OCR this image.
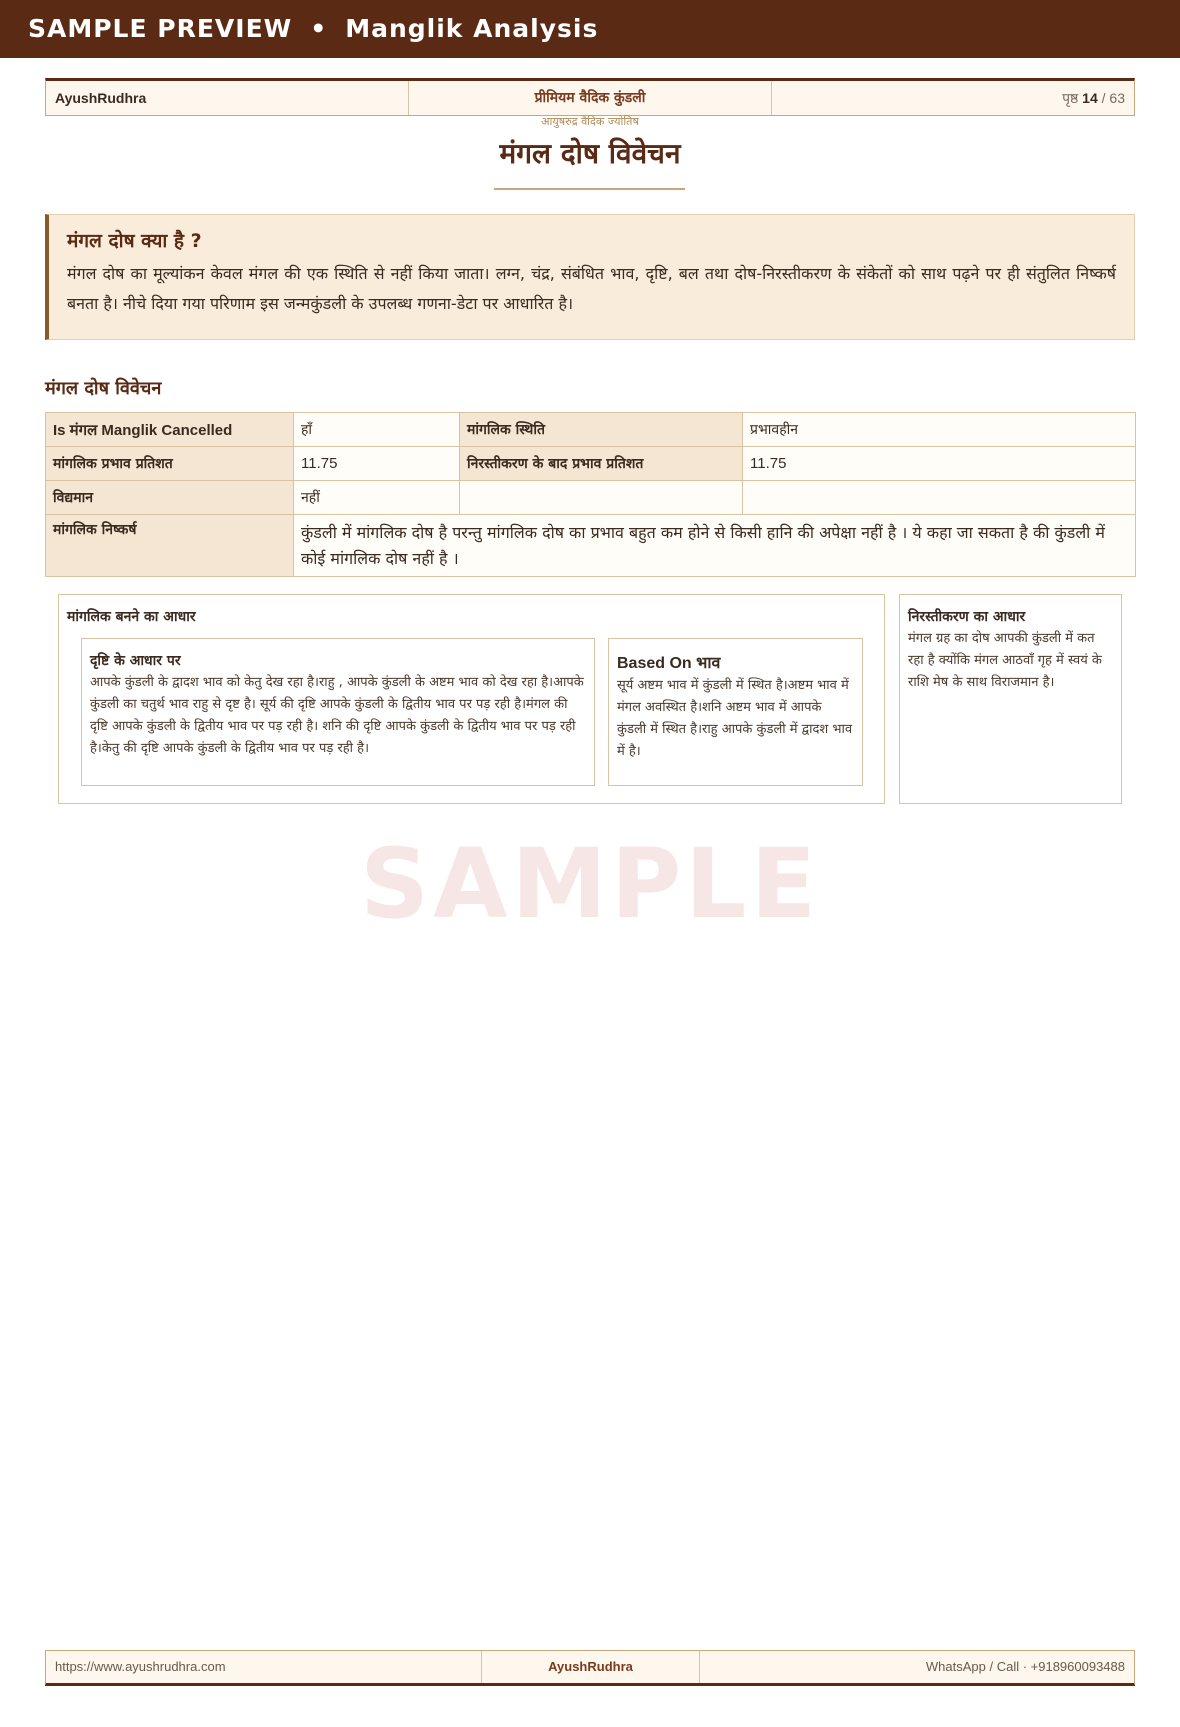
SAMPLE PREVIEW • Manglik Analysis
AyushRudhra	प्रीमियम वैदिक कुंडली	पृष्ठ 14 / 63
आयुषरुद्र वैदिक ज्योतिष
मंगल दोष विवेचन
मंगल दोष क्या है ?

मंगल दोष का मूल्यांकन केवल मंगल की एक स्थिति से नहीं किया जाता। लग्न, चंद्र, संबंधित भाव, दृष्टि, बल तथा दोष-निरस्तीकरण के संकेतों को साथ पढ़ने पर ही संतुलित निष्कर्ष बनता है। नीचे दिया गया परिणाम इस जन्मकुंडली के उपलब्ध गणना-डेटा पर आधारित है।

मंगल दोष विवेचन
Is मंगल Manglik Cancelled	हाँ	मांगलिक स्थिति	प्रभावहीन
मांगलिक प्रभाव प्रतिशत	11.75	निरस्तीकरण के बाद प्रभाव प्रतिशत	11.75
विद्यमान	नहीं		
मांगलिक निष्कर्ष	कुंडली में मांगलिक दोष है परन्तु मांगलिक दोष का प्रभाव बहुत कम होने से किसी हानि की अपेक्षा नहीं है । ये कहा जा सकता है की कुंडली में कोई मांगलिक दोष नहीं है ।		
मांगलिक बनने का आधार
दृष्टि के आधार पर

आपके कुंडली के द्वादश भाव को केतु देख रहा है।राहु , आपके कुंडली के अष्टम भाव को देख रहा है।आपके कुंडली का चतुर्थ भाव राहु से दृष्ट है। सूर्य की दृष्टि आपके कुंडली के द्वितीय भाव पर पड़ रही है।मंगल की दृष्टि आपके कुंडली के द्वितीय भाव पर पड़ रही है। शनि की दृष्टि आपके कुंडली के द्वितीय भाव पर पड़ रही है।केतु की दृष्टि आपके कुंडली के द्वितीय भाव पर पड़ रही है।

Based On भाव

सूर्य अष्टम भाव में कुंडली में स्थित है।अष्टम भाव में मंगल अवस्थित है।शनि अष्टम भाव में आपके कुंडली में स्थित है।राहु आपके कुंडली में द्वादश भाव में है।

निरस्तीकरण का आधार

मंगल ग्रह का दोष आपकी कुंडली में कत रहा है क्योंकि मंगल आठवाँ गृह में स्वयं के राशि मेष के साथ विराजमान है।

SAMPLE
https://www.ayushrudhra.com	AyushRudhra	WhatsApp / Call · +918960093488
